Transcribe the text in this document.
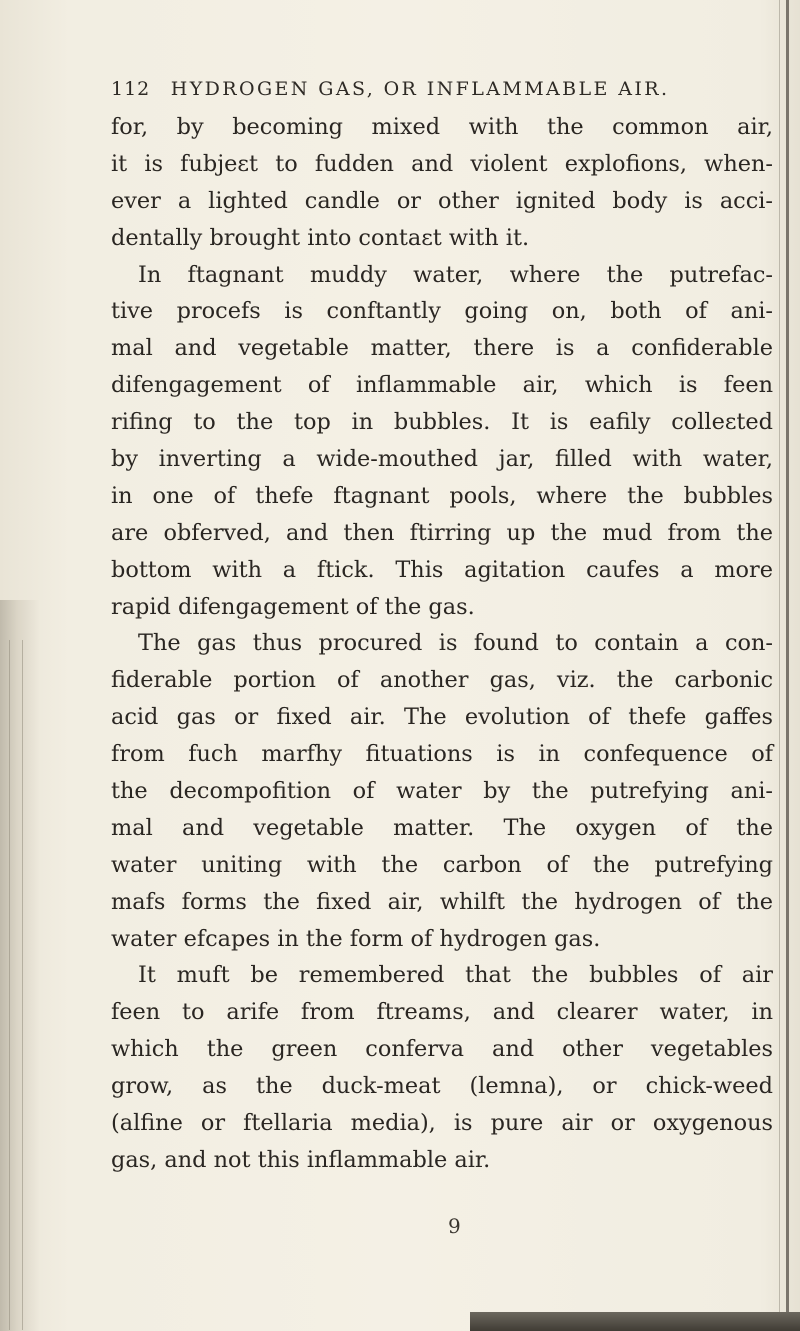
112 HYDROGEN GAS, OR INFLAMMABLE AIR.
for, by becoming mixed with the common air,
it is fubjeɛt to fudden and violent explofions, when-
ever a lighted candle or other ignited body is acci-
dentally brought into contaɛt with it.
In ftagnant muddy water, where the putrefac-
tive procefs is conftantly going on, both of ani-
mal and vegetable matter, there is a confiderable
difengagement of inflammable air, which is feen
rifing to the top in bubbles. It is eafily colleɛted
by inverting a wide-mouthed jar, filled with water,
in one of thefe ftagnant pools, where the bubbles
are obferved, and then ftirring up the mud from the
bottom with a ftick. This agitation caufes a more
rapid difengagement of the gas.
The gas thus procured is found to contain a con-
fiderable portion of another gas, viz. the carbonic
acid gas or fixed air. The evolution of thefe gaffes
from fuch marfhy fituations is in confequence of
the decompofition of water by the putrefying ani-
mal and vegetable matter. The oxygen of the
water uniting with the carbon of the putrefying
mafs forms the fixed air, whilft the hydrogen of the
water efcapes in the form of hydrogen gas.
It muft be remembered that the bubbles of air
feen to arife from ftreams, and clearer water, in
which the green conferva and other vegetables
grow, as the duck-meat (lemna), or chick-weed
(alfine or ftellaria media), is pure air or oxygenous
gas, and not this inflammable air.
9
